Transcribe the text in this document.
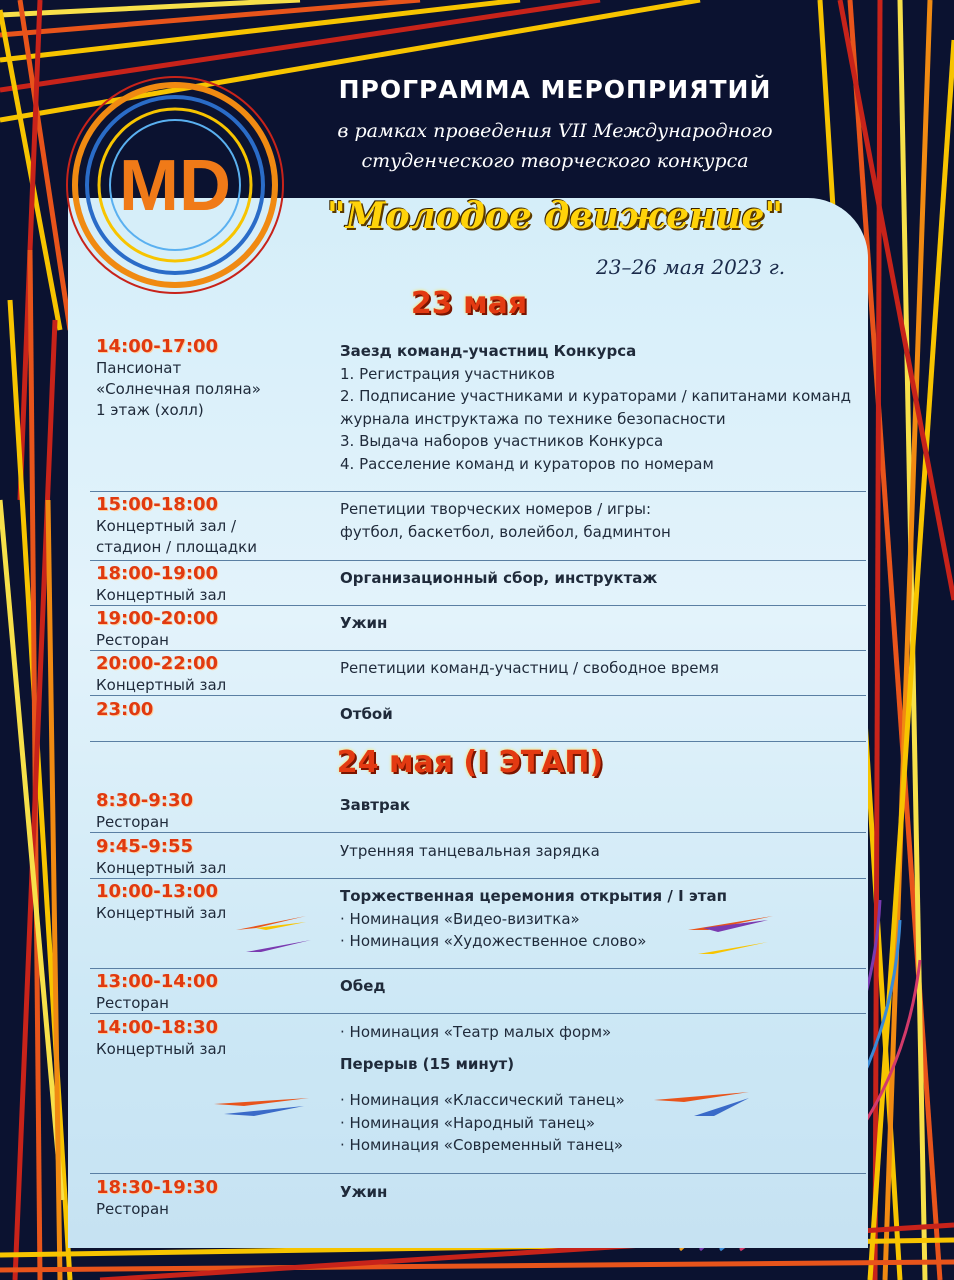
MD

ПРОГРАММА МЕРОПРИЯТИЙ

в рамках проведения VII Международного

студенческого творческого конкурса

"Молодое движение"
23–26 мая 2023 г.
23 мая
24 мая (I ЭТАП)
14:00-17:00
Пансионат
«Солнечная поляна»
1 этаж (холл)
Заезд команд-участниц Конкурса
1. Регистрация участников
2. Подписание участниками и кураторами / капитанами команд
журнала инструктажа по технике безопасности
3. Выдача наборов участников Конкурса
4. Расселение команд и кураторов по номерам
15:00-18:00
Концертный зал /
стадион / площадки
Репетиции творческих номеров / игры:
футбол, баскетбол, волейбол, бадминтон
18:00-19:00
Концертный зал
Организационный сбор, инструктаж
19:00-20:00
Ресторан
Ужин
20:00-22:00
Концертный зал
Репетиции команд-участниц / свободное время
23:00	Отбой
8:30-9:30
Ресторан
Завтрак
9:45-9:55
Концертный зал
Утренняя танцевальная зарядка
10:00-13:00
Концертный зал
Торжественная церемония открытия / I этап
· Номинация «Видео-визитка»
· Номинация «Художественное слово»
13:00-14:00
Ресторан
Обед
14:00-18:30
Концертный зал
· Номинация «Театр малых форм»
Перерыв (15 минут)
· Номинация «Классический танец»
· Номинация «Народный танец»
· Номинация «Современный танец»
18:30-19:30
Ресторан
Ужин
